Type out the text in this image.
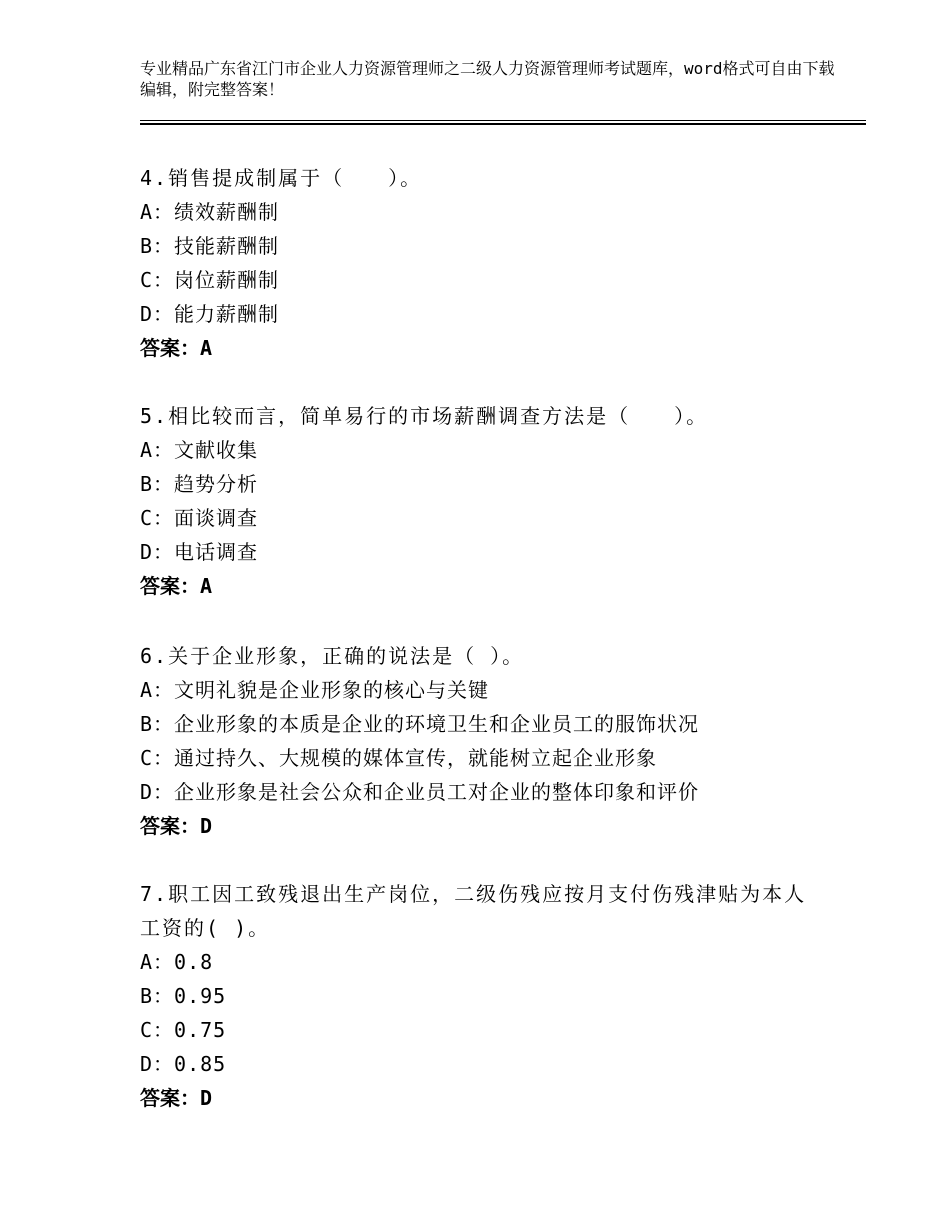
专业精品广东省江门市企业人力资源管理师之二级人力资源管理师考试题库，word格式可自由下载编辑，附完整答案！
4.销售提成制属于（　　）。
A：绩效薪酬制
B：技能薪酬制
C：岗位薪酬制
D：能力薪酬制
答案：A
5.相比较而言，简单易行的市场薪酬调查方法是（　　）。
A：文献收集
B：趋势分析
C：面谈调查
D：电话调查
答案：A
6.关于企业形象，正确的说法是（ ）。
A：文明礼貌是企业形象的核心与关键
B：企业形象的本质是企业的环境卫生和企业员工的服饰状况
C：通过持久、大规模的媒体宣传，就能树立起企业形象
D：企业形象是社会公众和企业员工对企业的整体印象和评价
答案：D
7.职工因工致残退出生产岗位，二级伤残应按月支付伤残津贴为本人工资的( )。
A：0.8
B：0.95
C：0.75
D：0.85
答案：D
